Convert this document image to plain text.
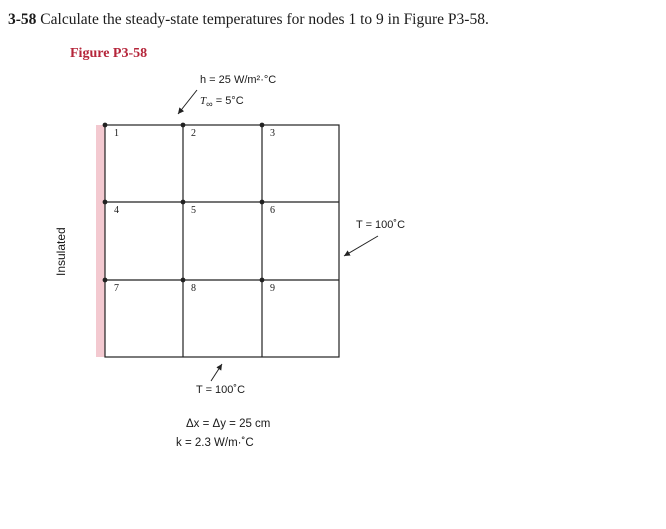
3-58 Calculate the steady-state temperatures for nodes 1 to 9 in Figure P3-58.
Figure P3-58
1	2	3
4	5	6
7	8	9
h = 25 W/m²·°C
$T_\infty = 5^\circ C$
T = 100˚C
T = 100˚C
Δx = Δy = 25 cm
k = 2.3 W/m·˚C
Insulated
